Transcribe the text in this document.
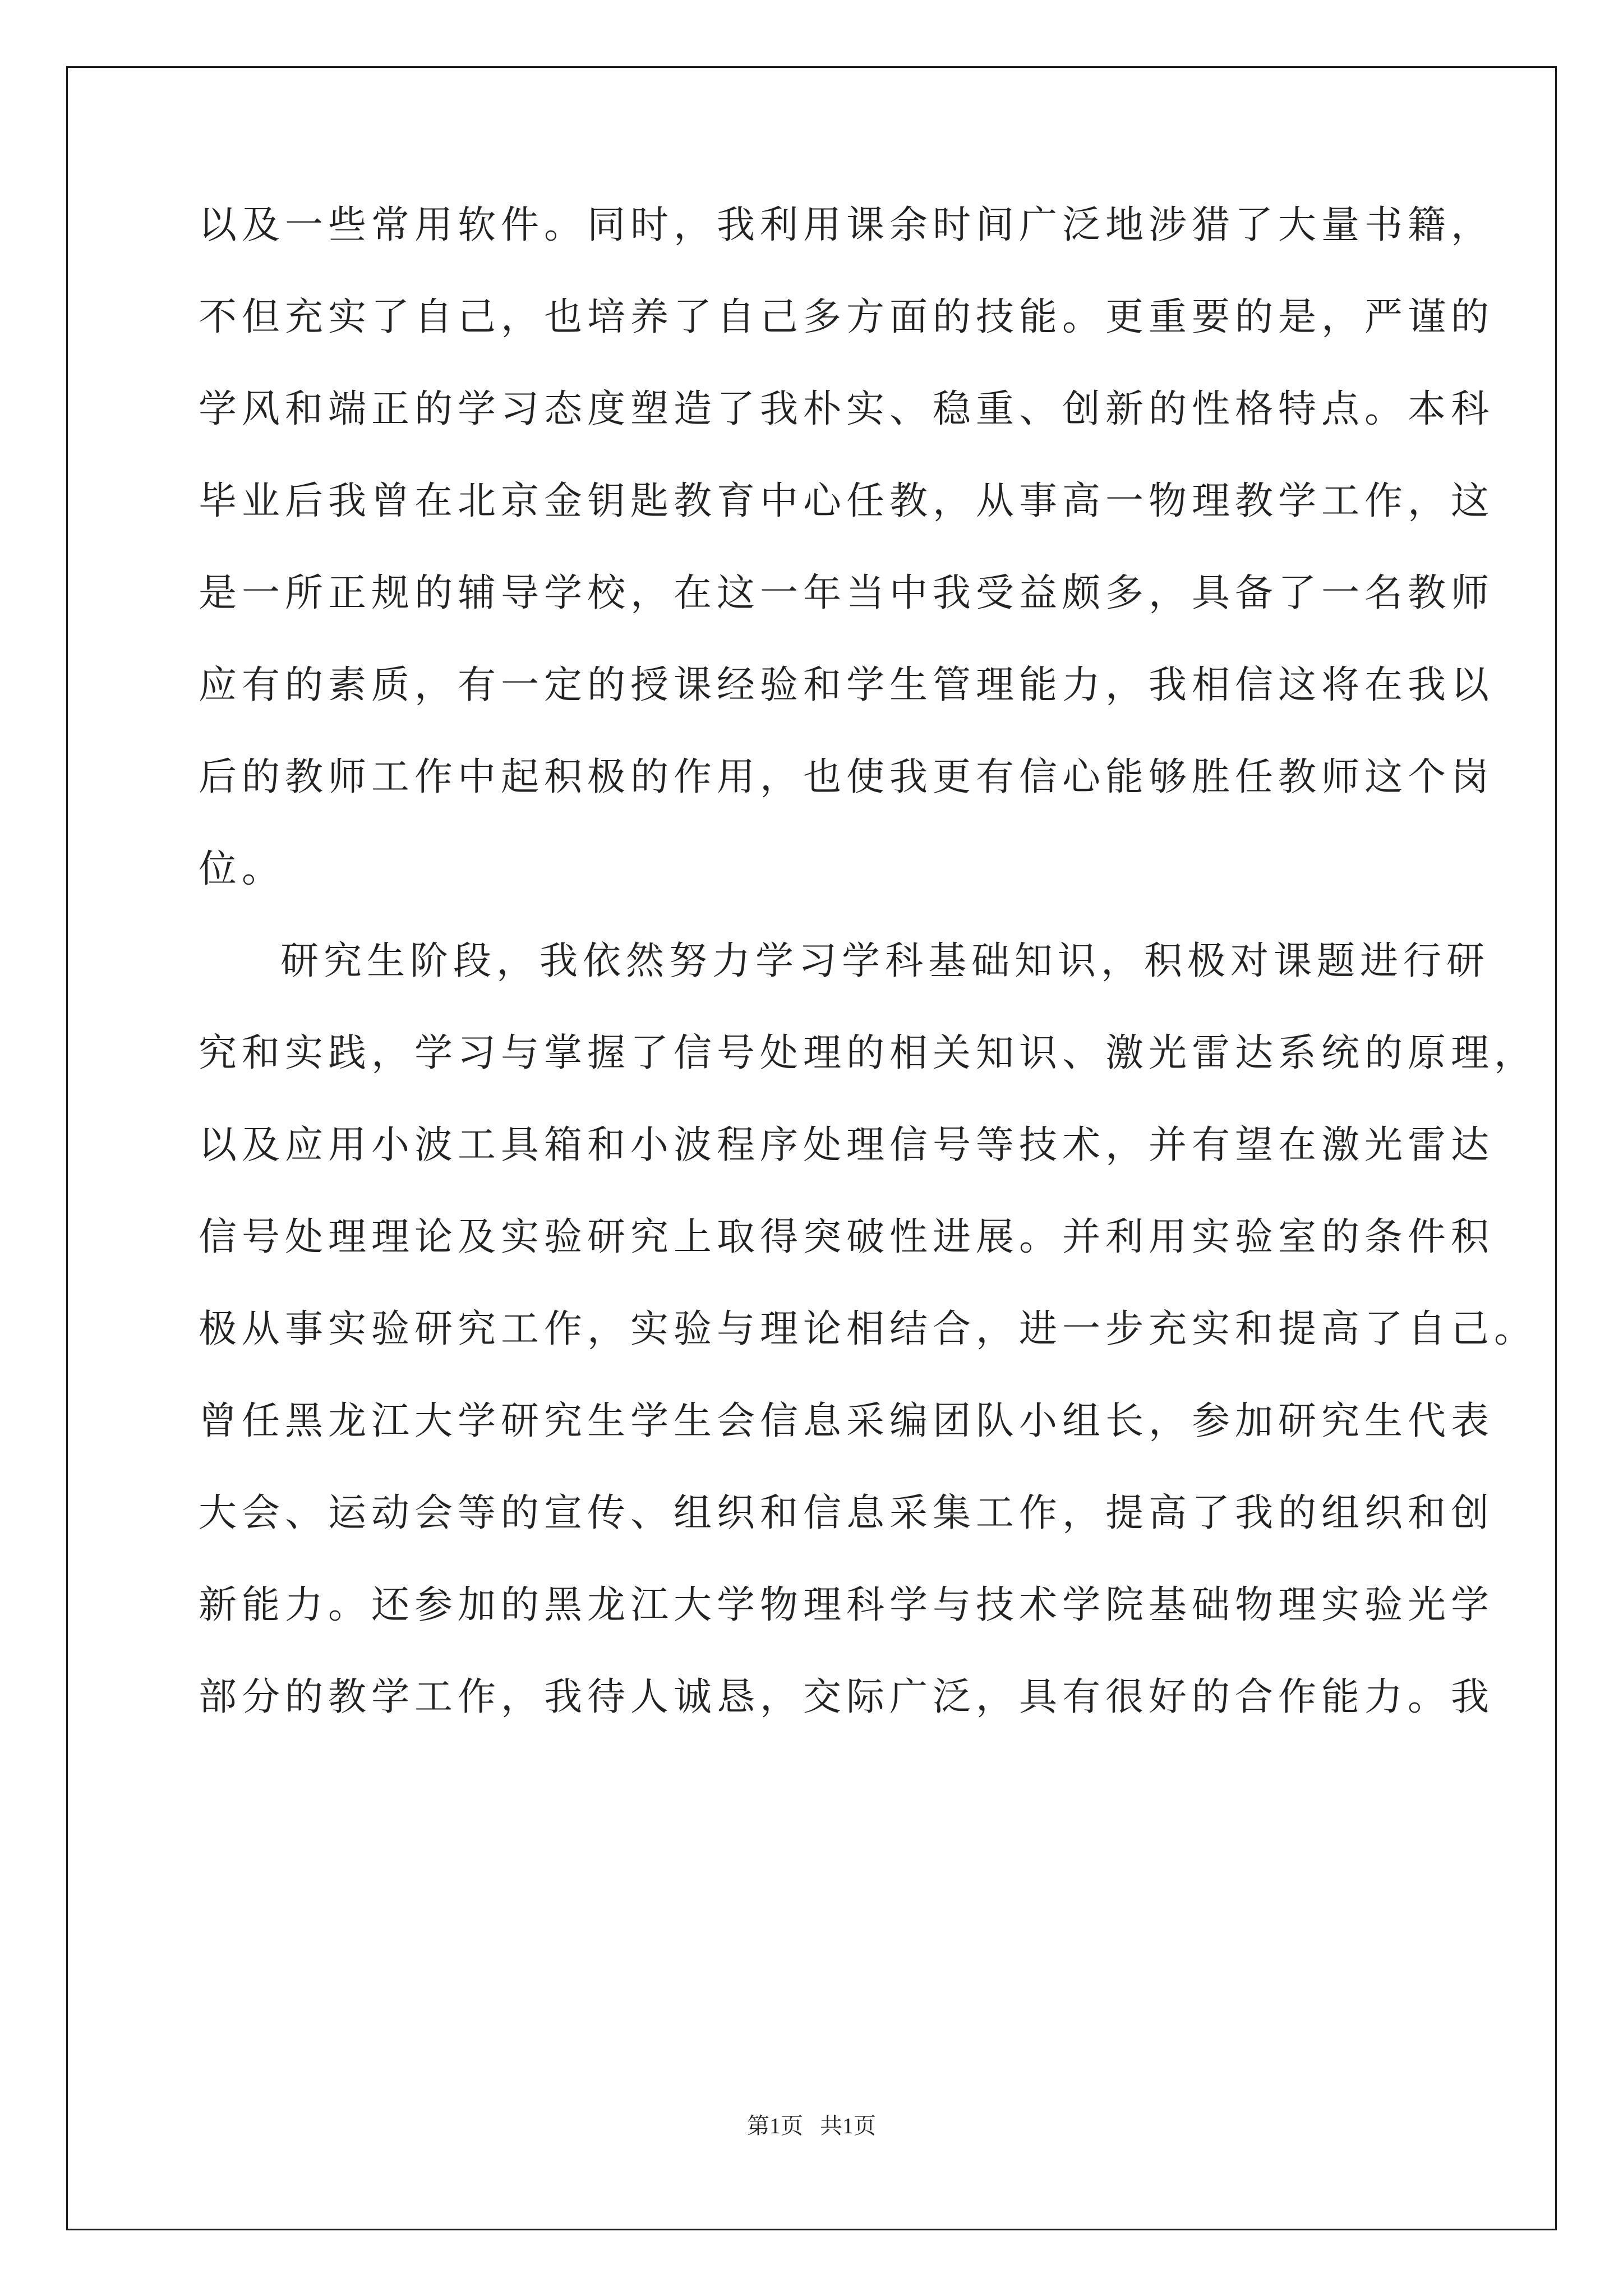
以及一些常用软件。同时，我利用课余时间广泛地涉猎了大量书籍，
不但充实了自己，也培养了自己多方面的技能。更重要的是，严谨的
学风和端正的学习态度塑造了我朴实、稳重、创新的性格特点。本科
毕业后我曾在北京金钥匙教育中心任教，从事高一物理教学工作，这
是一所正规的辅导学校，在这一年当中我受益颇多，具备了一名教师
应有的素质，有一定的授课经验和学生管理能力，我相信这将在我以
后的教师工作中起积极的作用，也使我更有信心能够胜任教师这个岗
位。
研究生阶段，我依然努力学习学科基础知识，积极对课题进行研
究和实践，学习与掌握了信号处理的相关知识、激光雷达系统的原理，
以及应用小波工具箱和小波程序处理信号等技术，并有望在激光雷达
信号处理理论及实验研究上取得突破性进展。并利用实验室的条件积
极从事实验研究工作，实验与理论相结合，进一步充实和提高了自己。
曾任黑龙江大学研究生学生会信息采编团队小组长，参加研究生代表
大会、运动会等的宣传、组织和信息采集工作，提高了我的组织和创
新能力。还参加的黑龙江大学物理科学与技术学院基础物理实验光学
部分的教学工作，我待人诚恳，交际广泛，具有很好的合作能力。我
第1页   共1页
